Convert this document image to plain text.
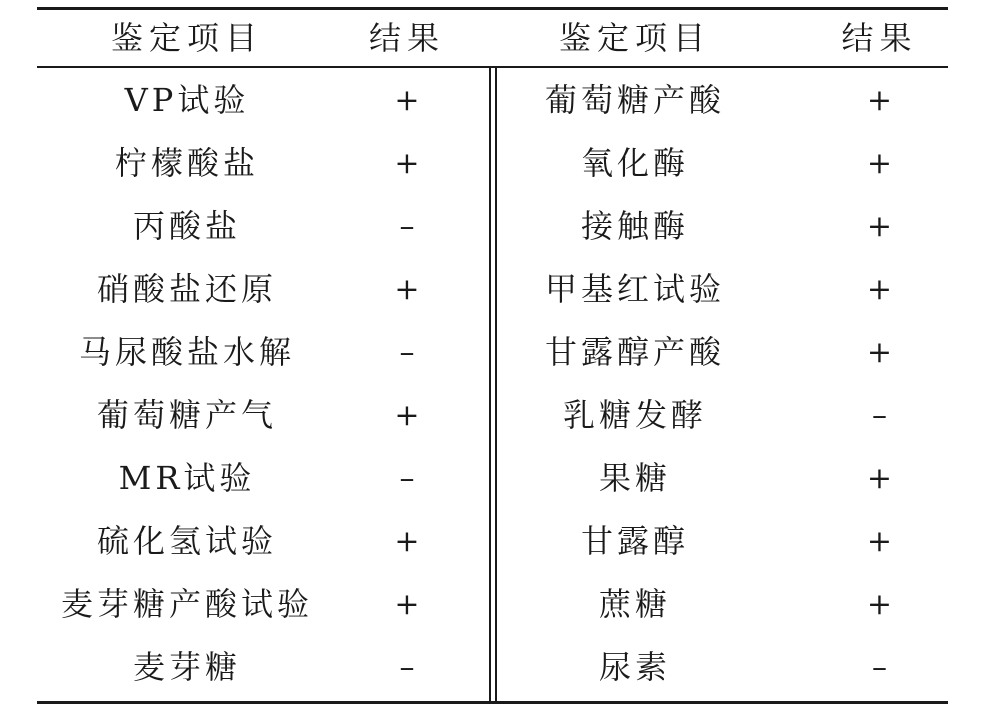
鉴定项目	结果	鉴定项目	结果
VP试验	+	葡萄糖产酸	+
柠檬酸盐	+	氧化酶	+
丙酸盐	–	接触酶	+
硝酸盐还原	+	甲基红试验	+
马尿酸盐水解	–	甘露醇产酸	+
葡萄糖产气	+	乳糖发酵	–
MR试验	–	果糖	+
硫化氢试验	+	甘露醇	+
麦芽糖产酸试验	+	蔗糖	+
麦芽糖	–	尿素	–
